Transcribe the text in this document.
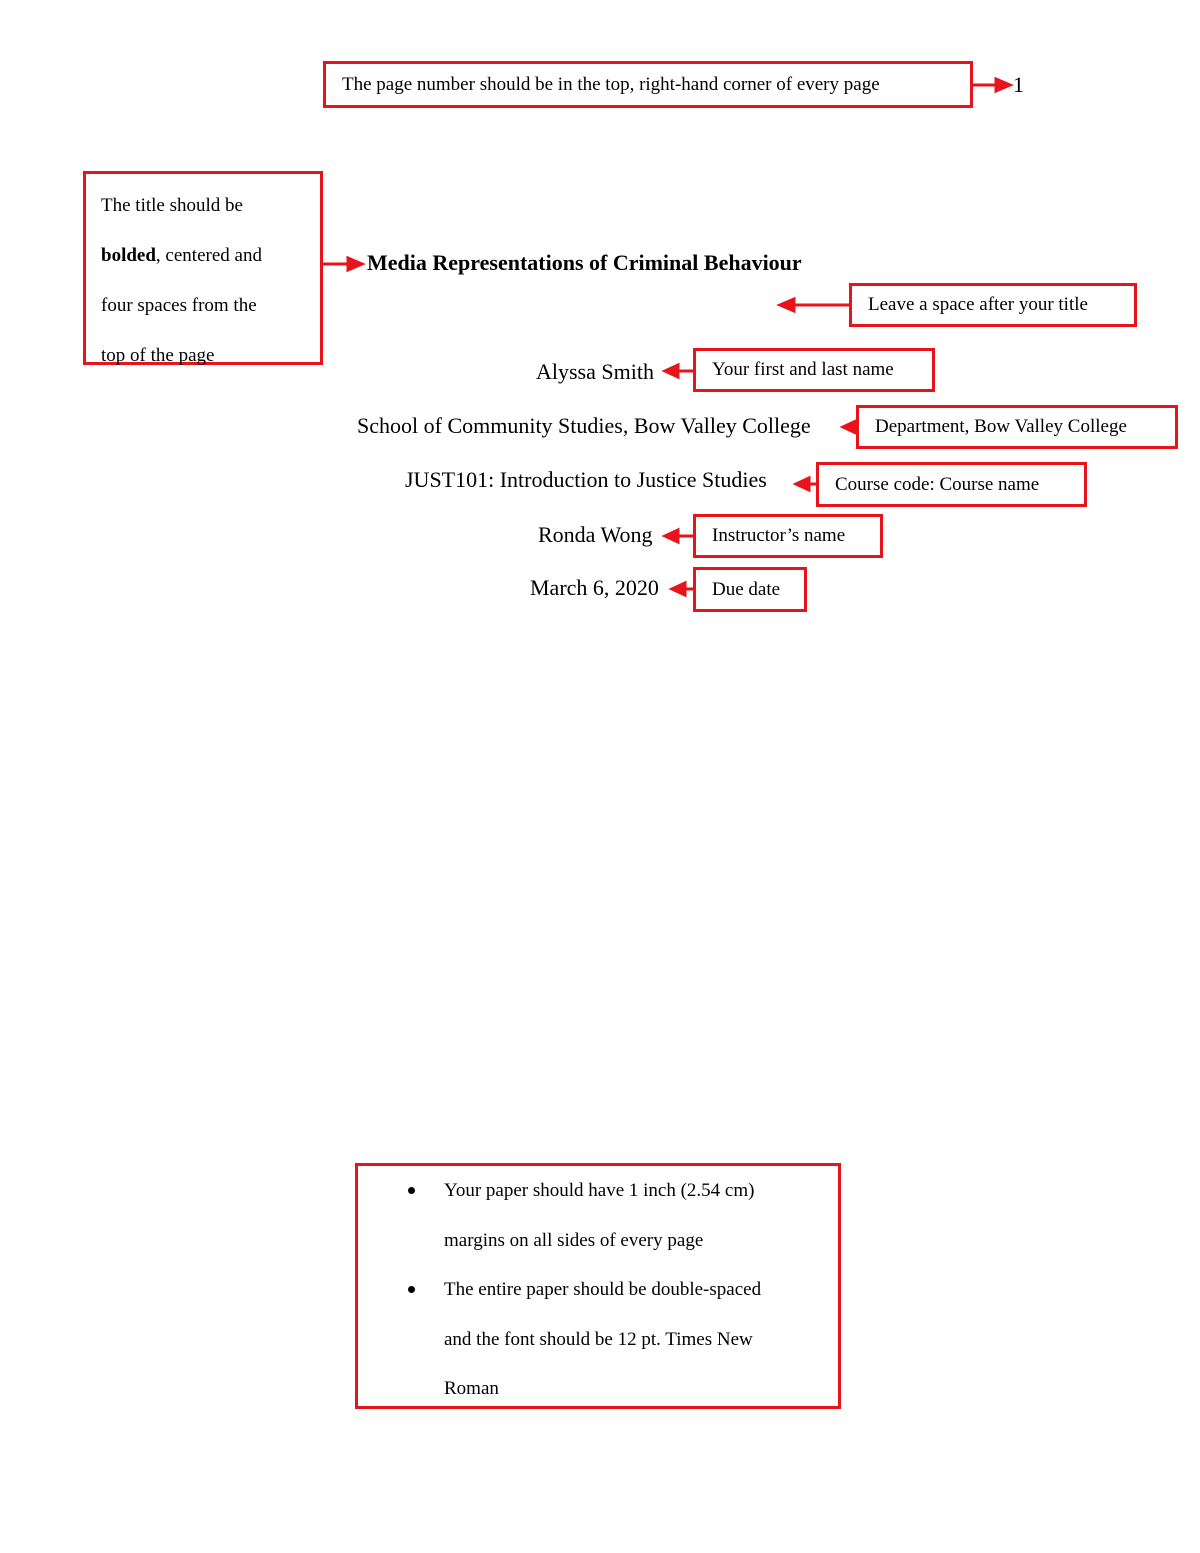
The page number should be in the top, right-hand corner of every page	1
The title should be
bolded, centered and
four spaces from the
top of the page
Media Representations of Criminal Behaviour
Leave a space after your title
Alyssa Smith	Your first and last name
School of Community Studies, Bow Valley College	Department, Bow Valley College
JUST101: Introduction to Justice Studies	Course code: Course name
Ronda Wong	Instructor’s name
March 6, 2020	Due date
Your paper should have 1 inch (2.54 cm)
margins on all sides of every page
The entire paper should be double-spaced
and the font should be 12 pt. Times New
Roman
